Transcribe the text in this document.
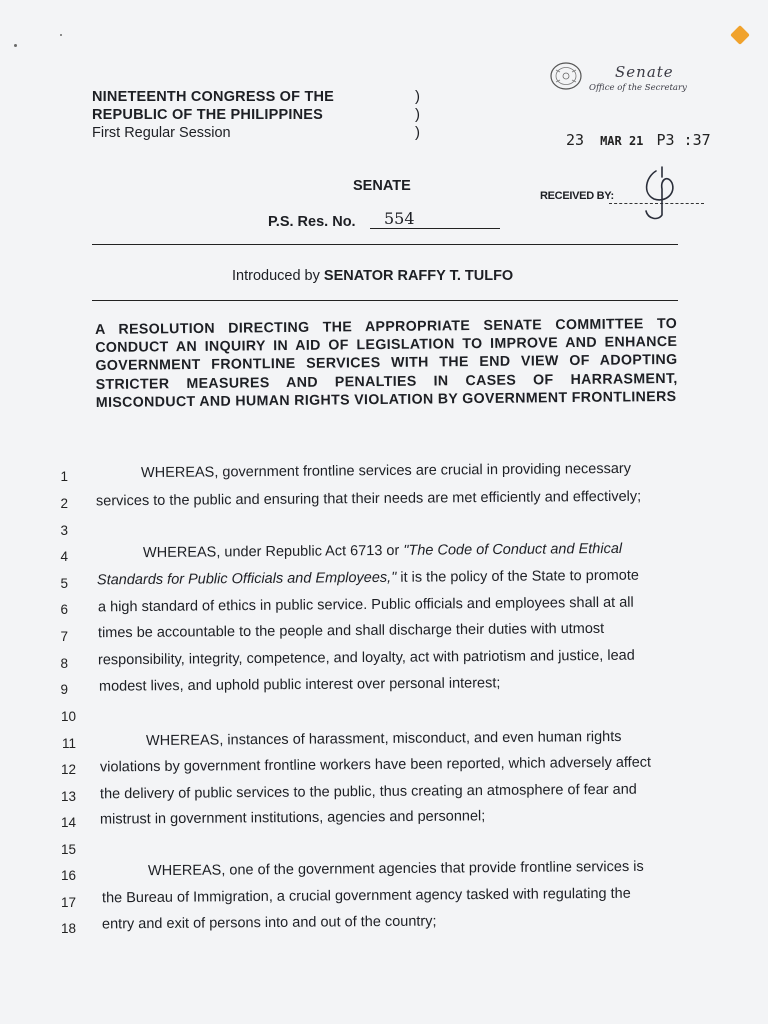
NINETEENTH CONGRESS OF THE
REPUBLIC OF THE PHILIPPINES
First Regular Session
)
)
)
Senate
Office of the Secretary
23 MAR 21 P3 :37
RECEIVED BY:
SENATE
P.S. Res. No.	554
Introduced by SENATOR RAFFY T. TULFO
A RESOLUTION DIRECTING THE APPROPRIATE SENATE COMMITTEE TO CONDUCT AN INQUIRY IN AID OF LEGISLATION TO IMPROVE AND ENHANCE GOVERNMENT FRONTLINE SERVICES WITH THE END VIEW OF ADOPTING STRICTER MEASURES AND PENALTIES IN CASES OF HARRASMENT, MISCONDUCT AND HUMAN RIGHTS VIOLATION BY GOVERNMENT FRONTLINERS
1
2
3
4
5
6
7
8
9
10
11
12
13
14
15
16
17
18
WHEREAS, government frontline services are crucial in providing necessary
services to the public and ensuring that their needs are met efficiently and effectively;
WHEREAS, under Republic Act 6713 or "The Code of Conduct and Ethical
Standards for Public Officials and Employees," it is the policy of the State to promote
a high standard of ethics in public service. Public officials and employees shall at all
times be accountable to the people and shall discharge their duties with utmost
responsibility, integrity, competence, and loyalty, act with patriotism and justice, lead
modest lives, and uphold public interest over personal interest;
WHEREAS, instances of harassment, misconduct, and even human rights
violations by government frontline workers have been reported, which adversely affect
the delivery of public services to the public, thus creating an atmosphere of fear and
mistrust in government institutions, agencies and personnel;
WHEREAS, one of the government agencies that provide frontline services is
the Bureau of Immigration, a crucial government agency tasked with regulating the
entry and exit of persons into and out of the country;
